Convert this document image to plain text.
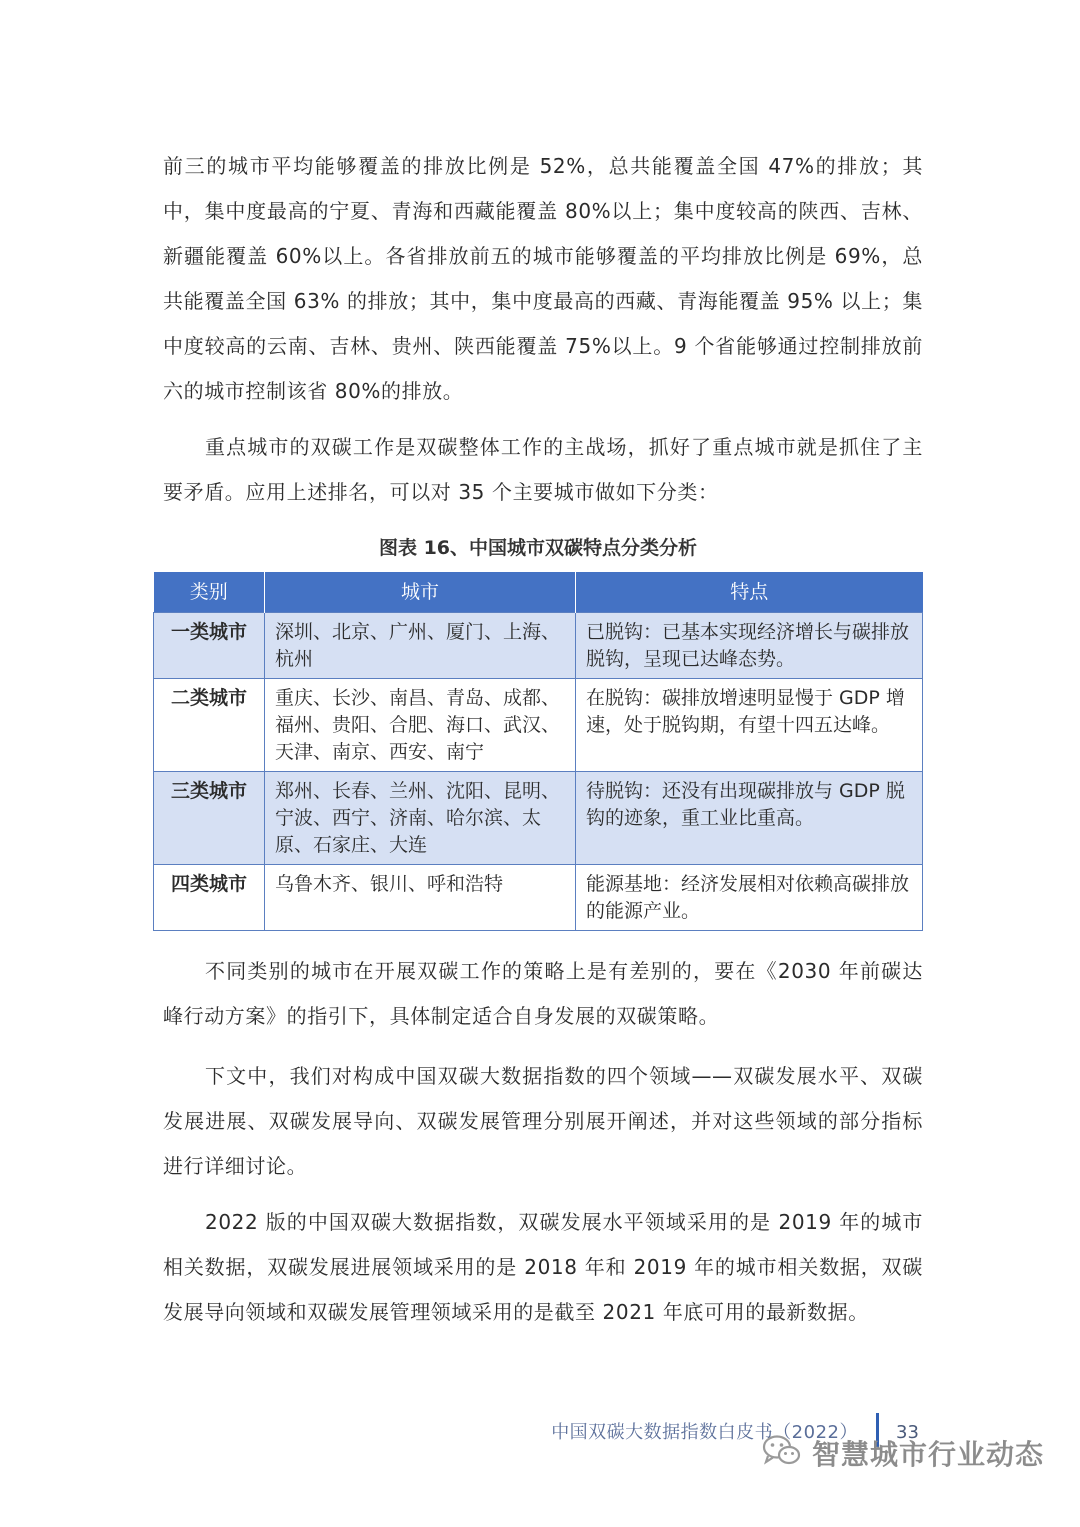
前三的城市平均能够覆盖的排放比例是 52%，总共能覆盖全国 47%的排放；其中，集中度最高的宁夏、青海和西藏能覆盖 80%以上；集中度较高的陕西、吉林、新疆能覆盖 60%以上。各省排放前五的城市能够覆盖的平均排放比例是 69%，总共能覆盖全国 63% 的排放；其中，集中度最高的西藏、青海能覆盖 95% 以上；集中度较高的云南、吉林、贵州、陕西能覆盖 75%以上。9 个省能够通过控制排放前六的城市控制该省 80%的排放。

重点城市的双碳工作是双碳整体工作的主战场，抓好了重点城市就是抓住了主要矛盾。应用上述排名，可以对 35 个主要城市做如下分类：

图表 16、中国城市双碳特点分类分析
类别	城市	特点
一类城市	深圳、北京、广州、厦门、上海、杭州	已脱钩：已基本实现经济增长与碳排放脱钩，呈现已达峰态势。
二类城市	重庆、长沙、南昌、青岛、成都、福州、贵阳、合肥、海口、武汉、天津、南京、西安、南宁	在脱钩：碳排放增速明显慢于 GDP 增速，处于脱钩期，有望十四五达峰。
三类城市	郑州、长春、兰州、沈阳、昆明、宁波、西宁、济南、哈尔滨、太原、石家庄、大连	待脱钩：还没有出现碳排放与 GDP 脱钩的迹象，重工业比重高。
四类城市	乌鲁木齐、银川、呼和浩特	能源基地：经济发展相对依赖高碳排放的能源产业。

不同类别的城市在开展双碳工作的策略上是有差别的，要在《2030 年前碳达峰行动方案》的指引下，具体制定适合自身发展的双碳策略。

下文中，我们对构成中国双碳大数据指数的四个领域——双碳发展水平、双碳发展进展、双碳发展导向、双碳发展管理分别展开阐述，并对这些领域的部分指标进行详细讨论。

2022 版的中国双碳大数据指数，双碳发展水平领域采用的是 2019 年的城市相关数据，双碳发展进展领域采用的是 2018 年和 2019 年的城市相关数据，双碳发展导向领域和双碳发展管理领域采用的是截至 2021 年底可用的最新数据。

中国双碳大数据指数白皮书（2022） 33
智慧城市行业动态
